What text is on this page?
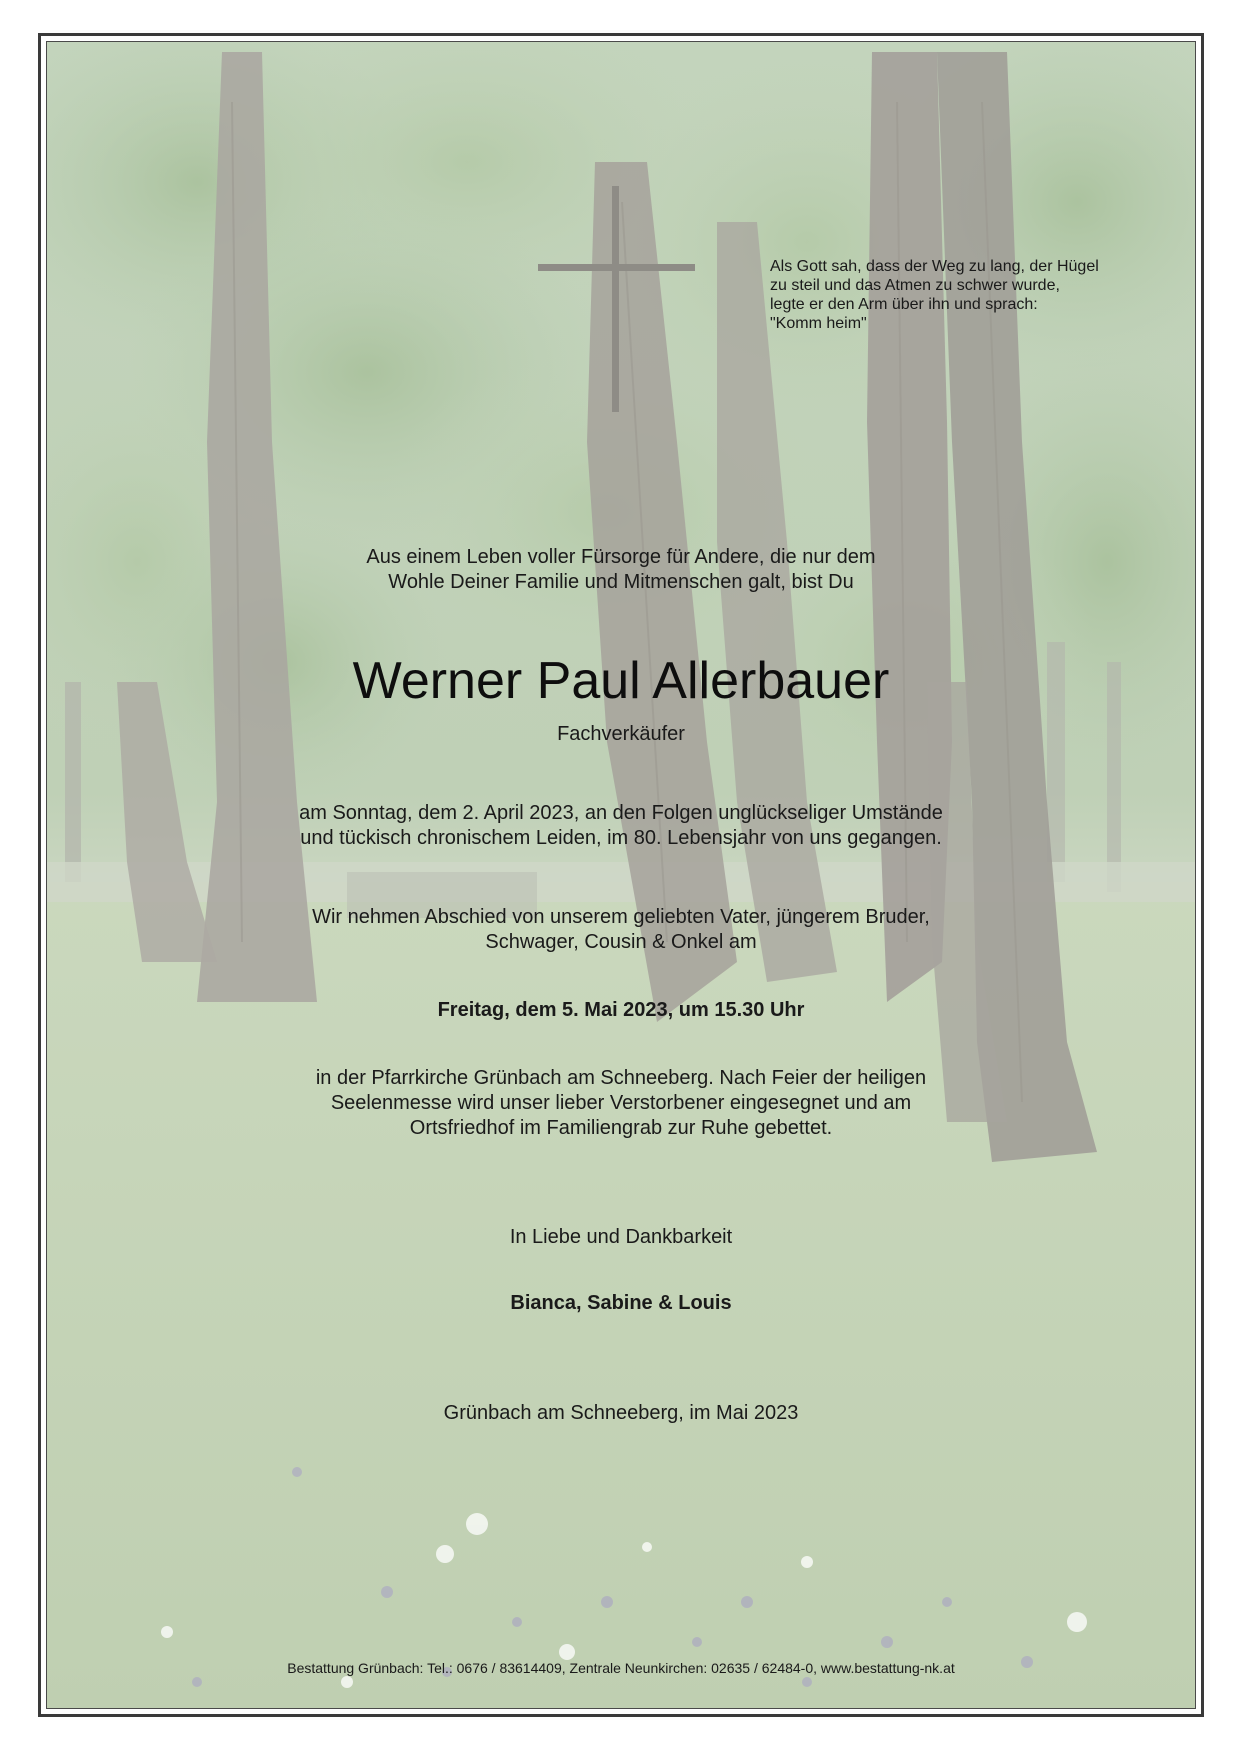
Als Gott sah, dass der Weg zu lang, der Hügel
zu steil und das Atmen zu schwer wurde,
legte er den Arm über ihn und sprach:
"Komm heim"
Aus einem Leben voller Fürsorge für Andere, die nur dem
Wohle Deiner Familie und Mitmenschen galt, bist Du
Werner Paul Allerbauer
Fachverkäufer
am Sonntag, dem 2. April 2023, an den Folgen unglückseliger Umstände
und tückisch chronischem Leiden, im 80. Lebensjahr von uns gegangen.
Wir nehmen Abschied von unserem geliebten Vater, jüngerem Bruder,
Schwager, Cousin & Onkel am
Freitag, dem 5. Mai 2023, um 15.30 Uhr
in der Pfarrkirche Grünbach am Schneeberg. Nach Feier der heiligen
Seelenmesse wird unser lieber Verstorbener eingesegnet und am
Ortsfriedhof im Familiengrab zur Ruhe gebettet.
In Liebe und Dankbarkeit
Bianca, Sabine & Louis
Grünbach am Schneeberg, im Mai 2023
Bestattung Grünbach: Tel.: 0676 / 83614409, Zentrale Neunkirchen: 02635 / 62484-0, www.bestattung-nk.at
